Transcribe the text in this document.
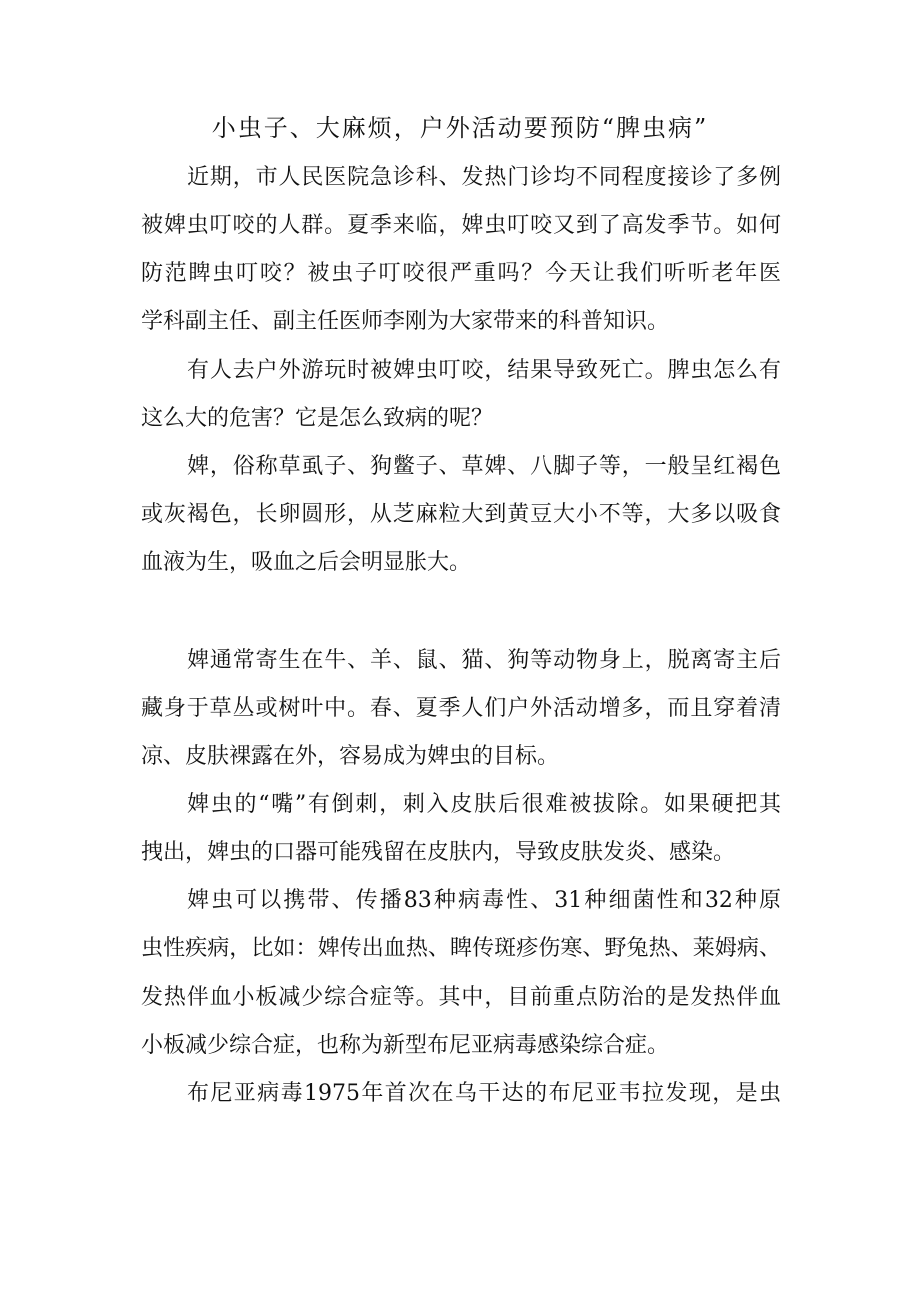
小虫子、大麻烦，户外活动要预防“脾虫病”
近期，市人民医院急诊科、发热门诊均不同程度接诊了多例
被婢虫叮咬的人群。夏季来临，婢虫叮咬又到了高发季节。如何
防范睥虫叮咬？被虫子叮咬很严重吗？今天让我们听听老年医
学科副主任、副主任医师李刚为大家带来的科普知识。
有人去户外游玩时被婢虫叮咬，结果导致死亡。脾虫怎么有
这么大的危害？它是怎么致病的呢？
婢，俗称草虱子、狗鳖子、草婢、八脚子等，一般呈红褐色
或灰褐色，长卵圆形，从芝麻粒大到黄豆大小不等，大多以吸食
血液为生，吸血之后会明显胀大。
婢通常寄生在牛、羊、鼠、猫、狗等动物身上，脱离寄主后
藏身于草丛或树叶中。春、夏季人们户外活动增多，而且穿着清
凉、皮肤裸露在外，容易成为婢虫的目标。
婢虫的“嘴”有倒刺，刺入皮肤后很难被拔除。如果硬把其
拽出，婢虫的口器可能残留在皮肤内，导致皮肤发炎、感染。
婢虫可以携带、传播83种病毒性、31种细菌性和32种原
虫性疾病，比如：婢传出血热、睥传斑疹伤寒、野兔热、莱姆病、
发热伴血小板减少综合症等。其中，目前重点防治的是发热伴血
小板减少综合症，也称为新型布尼亚病毒感染综合症。
布尼亚病毒1975年首次在乌干达的布尼亚韦拉发现，是虫
